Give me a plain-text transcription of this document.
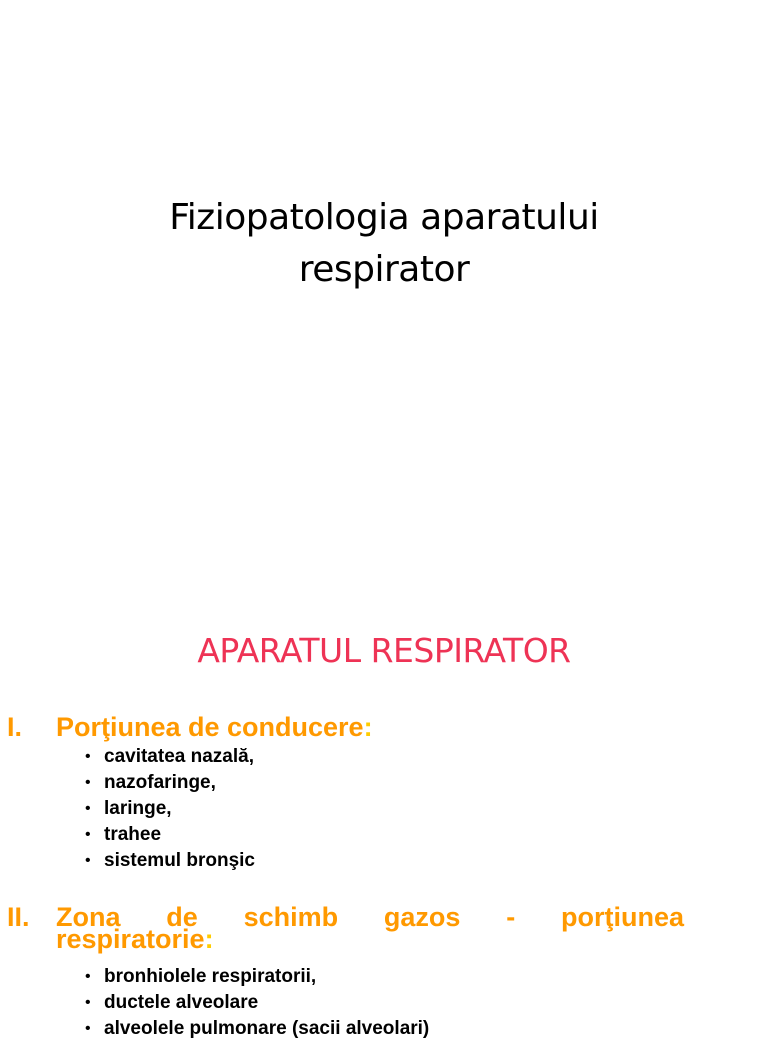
Fiziopatologia aparatului
respirator
APARATUL RESPIRATOR
I. Porţiunea de conducere:
• cavitatea nazală,
• nazofaringe,
• laringe,
• trahee
• sistemul bronşic
II. Zona de schimb gazos - porţiunea
respiratorie:
• bronhiolele respiratorii,
• ductele alveolare
• alveolele pulmonare (sacii alveolari)
